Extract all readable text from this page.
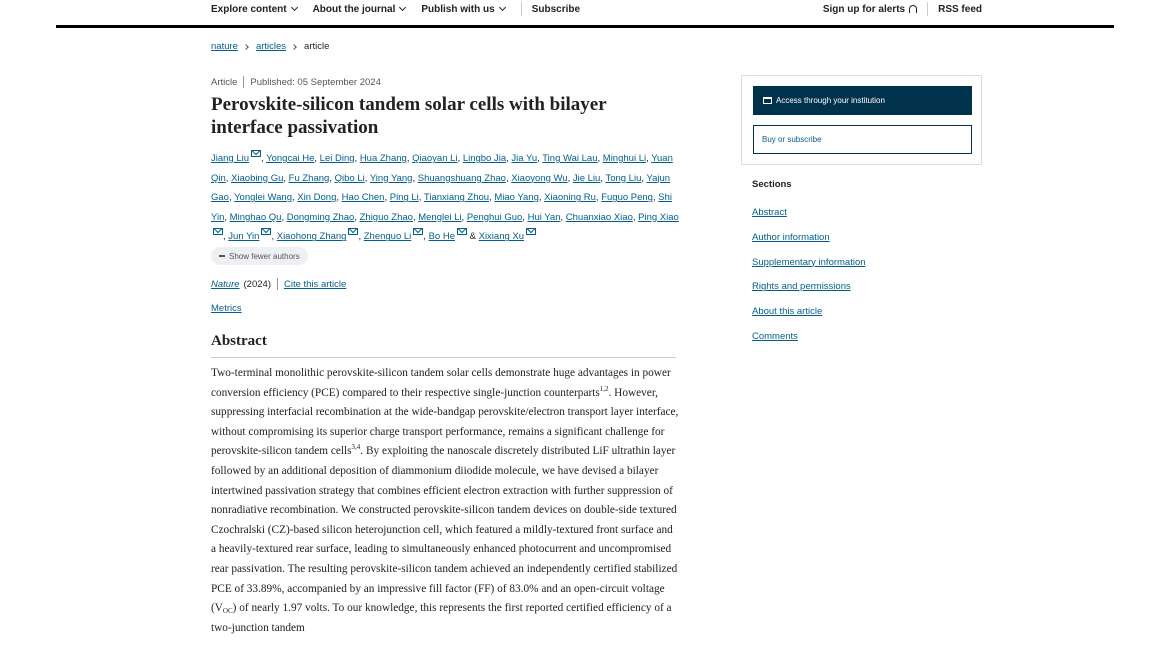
Explore content	About the journal	Publish with us	Subscribe	Sign up for alerts	RSS feed
nature articles article
Article Published: 05 September 2024
Perovskite-silicon tandem solar cells with bilayer interface passivation
Jiang Liu , Yongcai He, Lei Ding, Hua Zhang, Qiaoyan Li, Lingbo Jia, Jia Yu, Ting Wai Lau, Minghui Li, Yuan Qin, Xiaobing Gu, Fu Zhang, Qibo Li, Ying Yang, Shuangshuang Zhao, Xiaoyong Wu, Jie Liu, Tong Liu, Yajun Gao, Yonglei Wang, Xin Dong, Hao Chen, Ping Li, Tianxiang Zhou, Miao Yang, Xiaoning Ru, Fuguo Peng, Shi Yin, Minghao Qu, Dongming Zhao, Zhiguo Zhao, Menglei Li, Penghui Guo, Hui Yan, Chuanxiao Xiao, Ping Xiao, Jun Yin , Xiaohong Zhang , Zhenguo Li , Bo He & Xixiang Xu
Show fewer authors
Nature (2024) Cite this article
Metrics
Abstract

Two-terminal monolithic perovskite-silicon tandem solar cells demonstrate huge advantages in power conversion efficiency (PCE) compared to their respective single-junction counterparts$^{1,2}$. However, suppressing interfacial recombination at the wide-bandgap perovskite/electron transport layer interface, without compromising its superior charge transport performance, remains a significant challenge for perovskite-silicon tandem cells$^{3,4}$. By exploiting the nanoscale discretely distributed LiF ultrathin layer followed by an additional deposition of diammonium diiodide molecule, we have devised a bilayer intertwined passivation strategy that combines efficient electron extraction with further suppression of nonradiative recombination. We constructed perovskite-silicon tandem devices on double-side textured Czochralski (CZ)-based silicon heterojunction cell, which featured a mildly-textured front surface and a heavily-textured rear surface, leading to simultaneously enhanced photocurrent and uncompromised rear passivation. The resulting perovskite-silicon tandem achieved an independently certified stabilized PCE of 33.89%, accompanied by an impressive fill factor (FF) of 83.0% and an open-circuit voltage $(V_{OC})$ of nearly 1.97 volts. To our knowledge, this represents the first reported certified efficiency of a two-junction tandem

Access through your institution
Buy or subscribe
Sections
Abstract
Author information
Supplementary information
Rights and permissions
About this article
Comments
